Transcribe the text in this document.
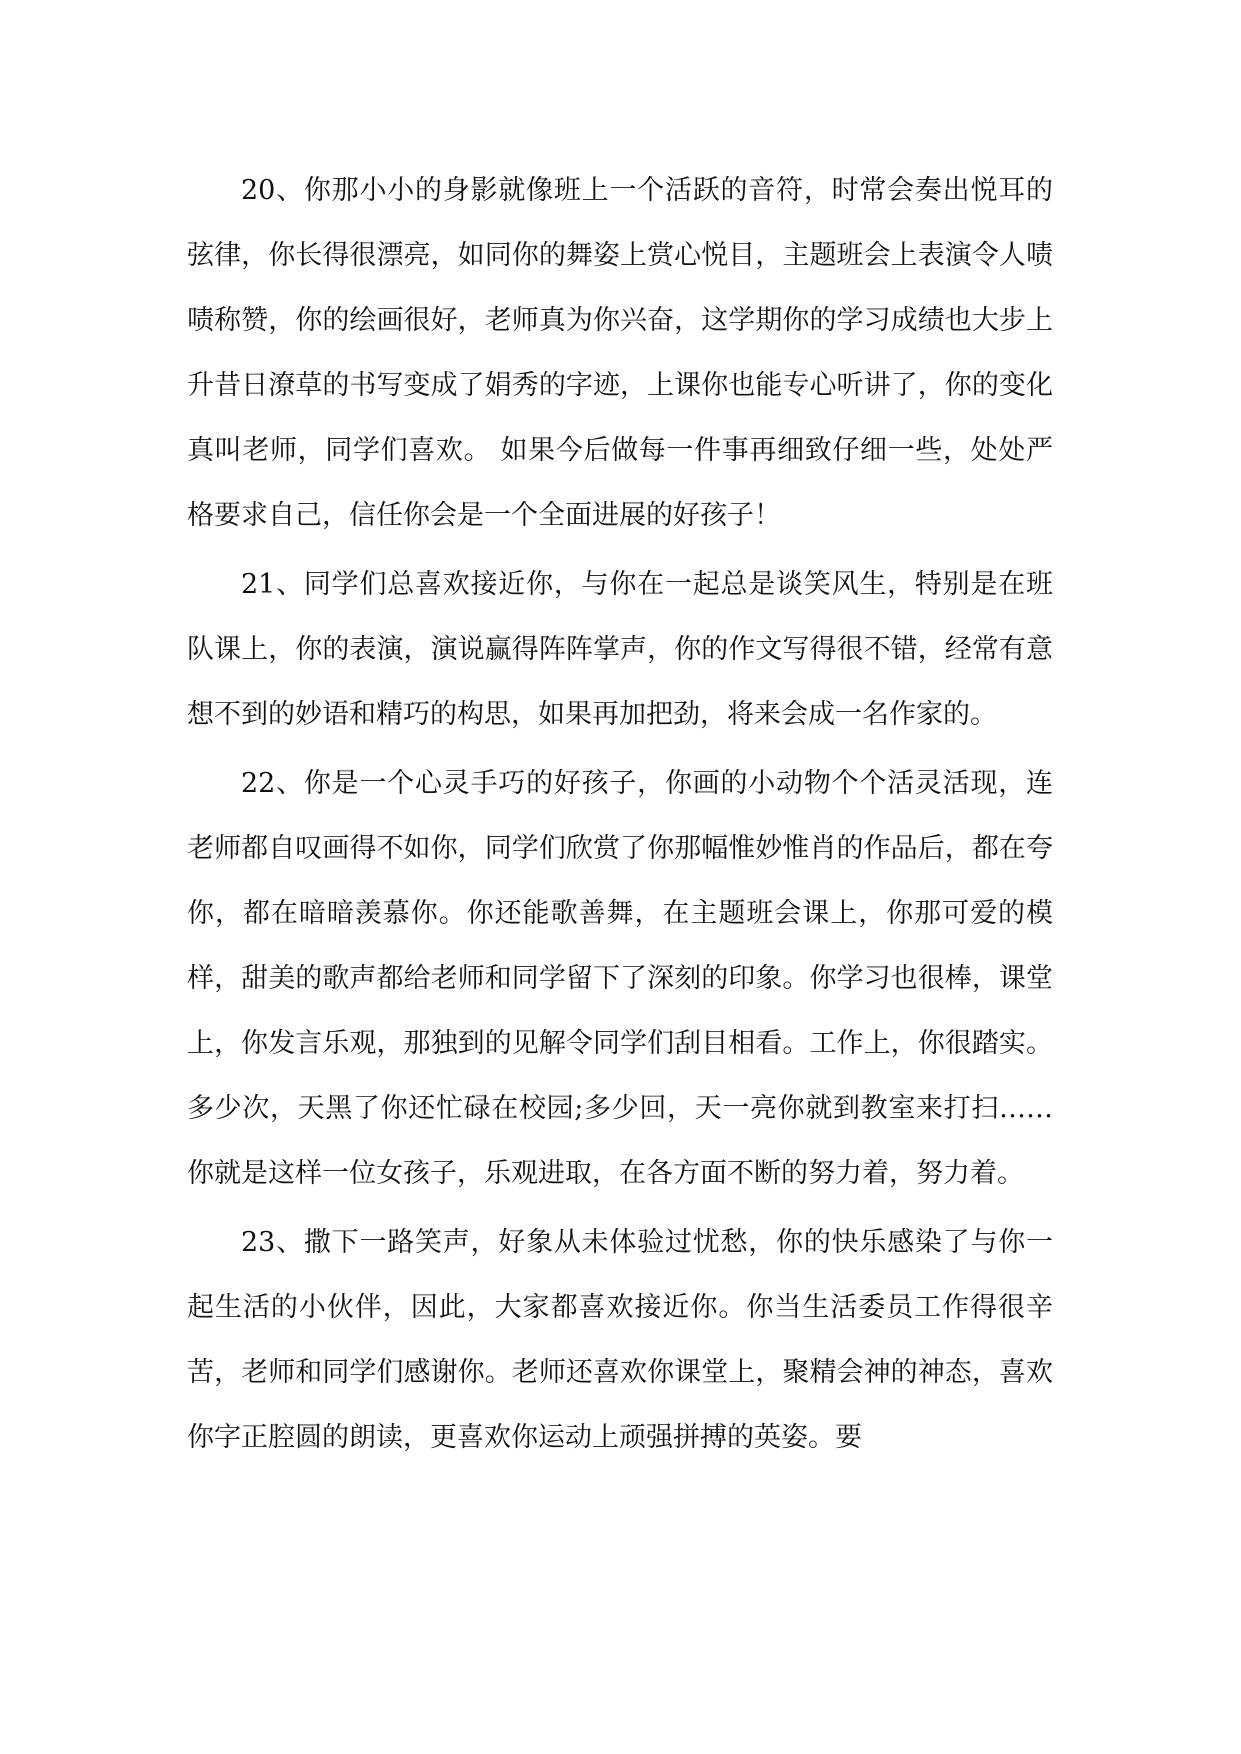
20、你那小小的身影就像班上一个活跃的音符，时常会奏出悦耳的弦律，你长得很漂亮，如同你的舞姿上赏心悦目，主题班会上表演令人啧啧称赞，你的绘画很好，老师真为你兴奋，这学期你的学习成绩也大步上升昔日潦草的书写变成了娟秀的字迹，上课你也能专心听讲了，你的变化真叫老师，同学们喜欢。 如果今后做每一件事再细致仔细一些，处处严格要求自己，信任你会是一个全面进展的好孩子！

21、同学们总喜欢接近你，与你在一起总是谈笑风生，特别是在班队课上，你的表演，演说赢得阵阵掌声，你的作文写得很不错，经常有意想不到的妙语和精巧的构思，如果再加把劲，将来会成一名作家的。

22、你是一个心灵手巧的好孩子，你画的小动物个个活灵活现，连老师都自叹画得不如你，同学们欣赏了你那幅惟妙惟肖的作品后，都在夸你，都在暗暗羡慕你。你还能歌善舞，在主题班会课上，你那可爱的模样，甜美的歌声都给老师和同学留下了深刻的印象。你学习也很棒，课堂上，你发言乐观，那独到的见解令同学们刮目相看。工作上，你很踏实。多少次，天黑了你还忙碌在校园;多少回，天一亮你就到教室来打扫……你就是这样一位女孩子，乐观进取，在各方面不断的努力着，努力着。

23、撒下一路笑声，好象从未体验过忧愁，你的快乐感染了与你一起生活的小伙伴，因此，大家都喜欢接近你。你当生活委员工作得很辛苦，老师和同学们感谢你。老师还喜欢你课堂上，聚精会神的神态，喜欢你字正腔圆的朗读，更喜欢你运动上顽强拼搏的英姿。要
